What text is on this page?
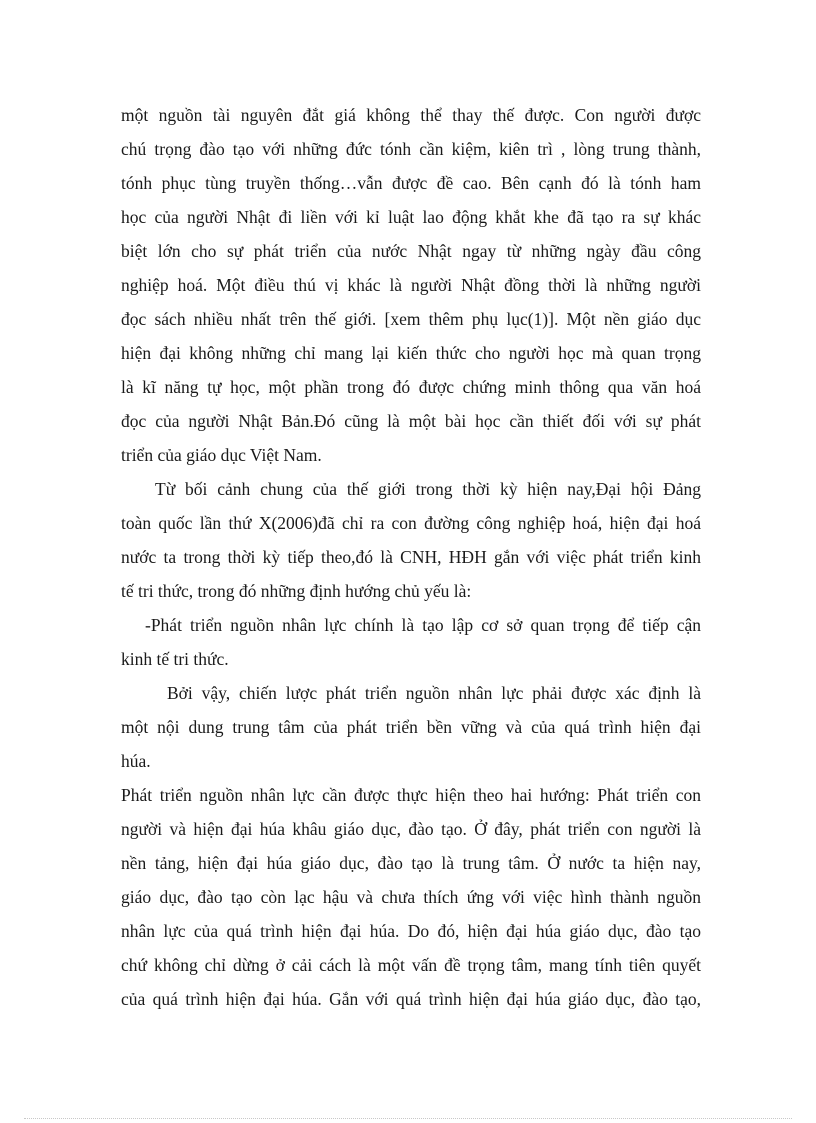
một nguồn tài nguyên đắt giá không thể thay thế được. Con người được
chú trọng đào tạo với những đức tónh cần kiệm, kiên trì , lòng trung thành,
tónh phục tùng truyền thống…vẫn được đề cao. Bên cạnh đó là tónh ham
học của người Nhật đi liền với kỉ luật lao động khắt khe đã tạo ra sự khác
biệt lớn cho sự phát triển của nước Nhật ngay từ những ngày đầu công
nghiệp hoá. Một điều thú vị khác là người Nhật đồng thời là những người
đọc sách nhiều nhất trên thế giới. [xem thêm phụ lục(1)]. Một nền giáo dục
hiện đại không những chỉ mang lại kiến thức cho người học mà quan trọng
là kĩ năng tự học, một phần trong đó được chứng minh thông qua văn hoá
đọc của người Nhật Bản.Đó cũng là một bài học cần thiết đối với sự phát
triển của giáo dục Việt Nam.
Từ bối cảnh chung của thế giới trong thời kỳ hiện nay,Đại hội Đảng
toàn quốc lần thứ X(2006)đã chỉ ra con đường công nghiệp hoá, hiện đại hoá
nước ta trong thời kỳ tiếp theo,đó là CNH, HĐH gắn với việc phát triển kinh
tế tri thức, trong đó những định hướng chủ yếu là:
-Phát triển nguồn nhân lực chính là tạo lập cơ sở quan trọng để tiếp cận
kinh tế tri thức.
Bởi vậy, chiến lược phát triển nguồn nhân lực phải được xác định là
một nội dung trung tâm của phát triển bền vững và của quá trình hiện đại
húa.
Phát triển nguồn nhân lực cần được thực hiện theo hai hướng: Phát triển con
người và hiện đại húa khâu giáo dục, đào tạo. Ở đây, phát triển con người là
nền tảng, hiện đại húa giáo dục, đào tạo là trung tâm. Ở nước ta hiện nay,
giáo dục, đào tạo còn lạc hậu và chưa thích ứng với việc hình thành nguồn
nhân lực của quá trình hiện đại húa. Do đó, hiện đại húa giáo dục, đào tạo
chứ không chỉ dừng ở cải cách là một vấn đề trọng tâm, mang tính tiên quyết
của quá trình hiện đại húa. Gắn với quá trình hiện đại húa giáo dục, đào tạo,
